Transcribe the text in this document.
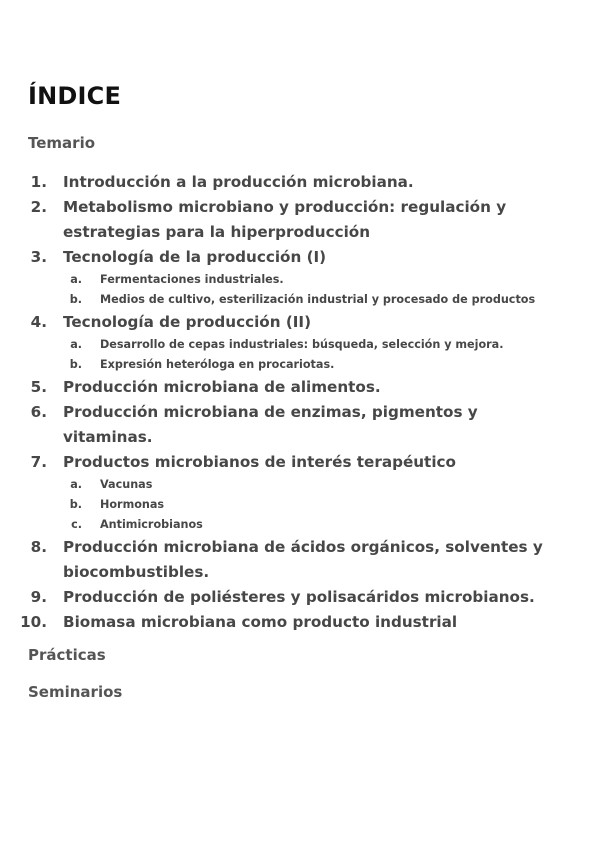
ÍNDICE
Temario
1. Introducción a la producción microbiana.
2. Metabolismo microbiano y producción: regulación y estrategias para la hiperproducción
3. Tecnología de la producción (I)
a. Fermentaciones industriales.
b. Medios de cultivo, esterilización industrial y procesado de productos
4. Tecnología de producción (II)
a. Desarrollo de cepas industriales: búsqueda, selección y mejora.
b. Expresión heteróloga en procariotas.
5. Producción microbiana de alimentos.
6. Producción microbiana de enzimas, pigmentos y vitaminas.
7. Productos microbianos de interés terapéutico
a. Vacunas
b. Hormonas
c. Antimicrobianos
8. Producción microbiana de ácidos orgánicos, solventes y biocombustibles.
9. Producción de poliésteres y polisacáridos microbianos.
10. Biomasa microbiana como producto industrial
Prácticas
Seminarios
